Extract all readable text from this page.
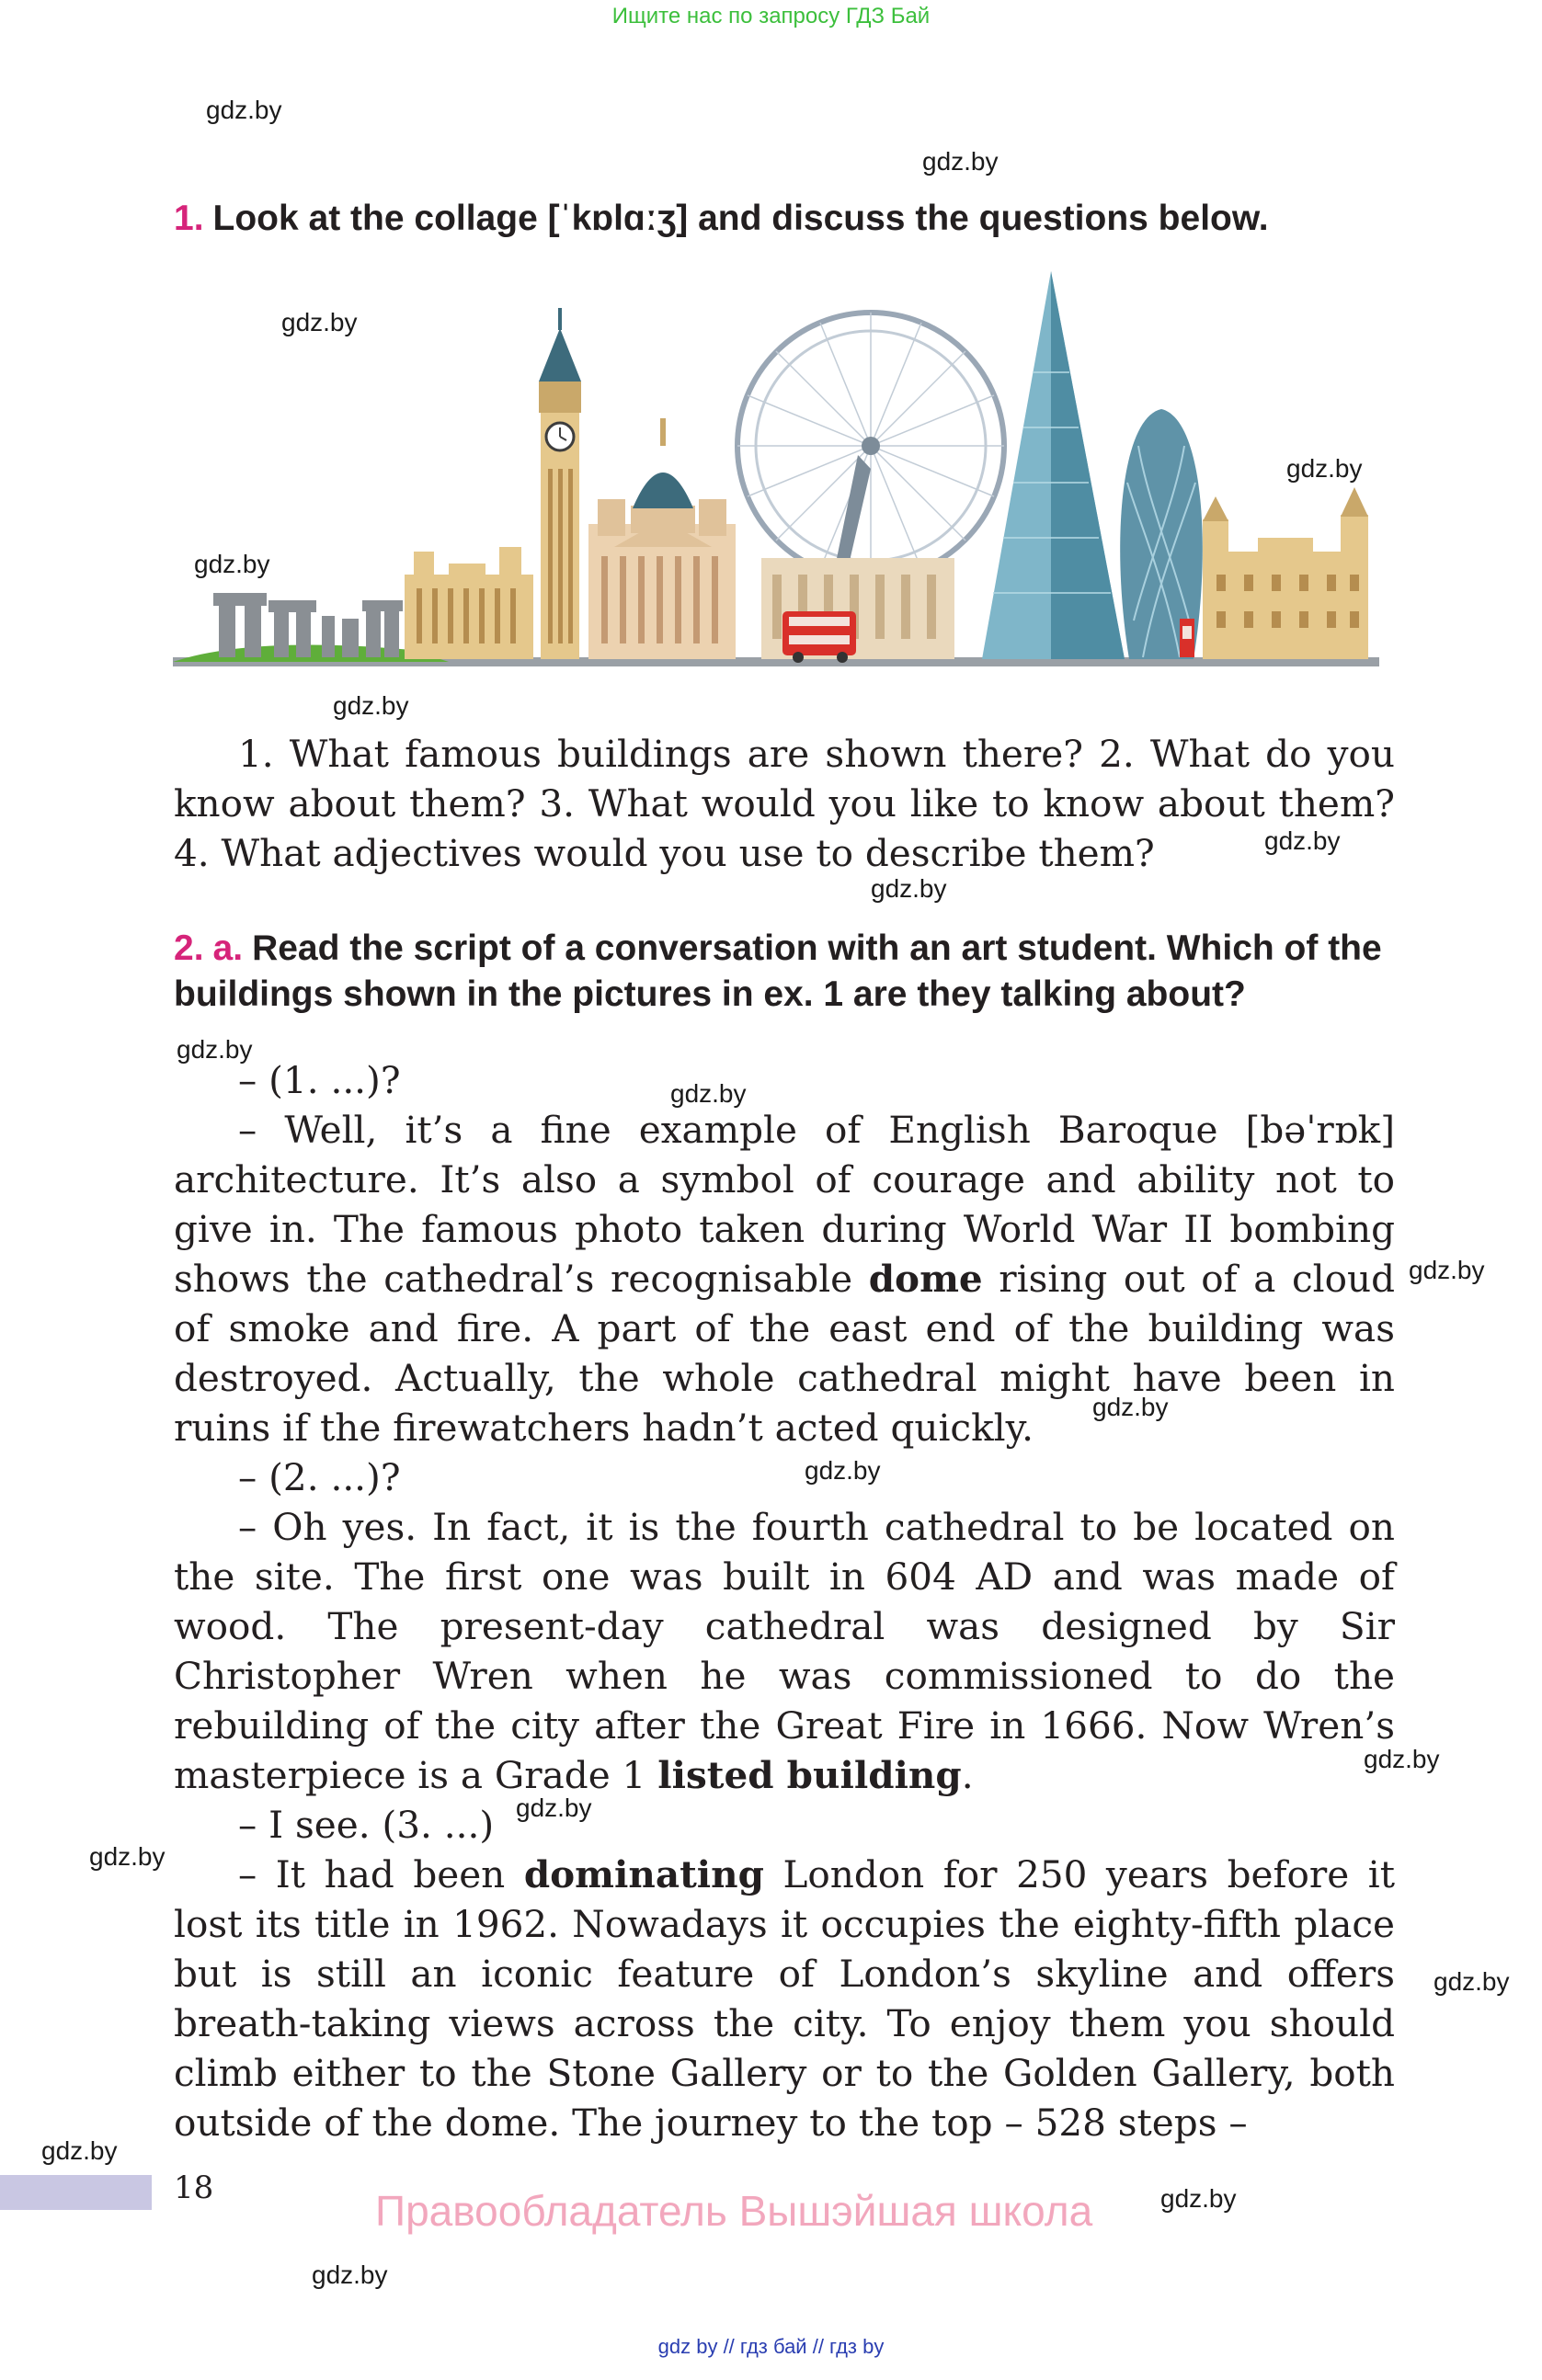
Ищите нас по запросу ГДЗ Бай
gdz.by
gdz.by
gdz.by
gdz.by
gdz.by
gdz.by
gdz.by
gdz.by
gdz.by
gdz.by
gdz.by
gdz.by
gdz.by
gdz.by
gdz.by
gdz.by
gdz.by
gdz.by
gdz.by
gdz.by
1. Look at the collage [ˈkɒlɑːʒ] and discuss the questions below.

1. What famous buildings are shown there? 2. What do you know about them? 3. What would you like to know about them? 4. What adjectives would you use to describe them?

2. a. Read the script of a conversation with an art student. Which of the buildings shown in the pictures in ex. 1 are they talking about?

– (1. ...)?

– Well, it’s a fine example of English Baroque [bəˈrɒk] architecture. It’s also a symbol of courage and ability not to give in. The famous photo taken during World War II bombing shows the cathedral’s recognisable dome rising out of a cloud of smoke and fire. A part of the east end of the building was destroyed. Actually, the whole cathedral might have been in ruins if the firewatchers hadn’t acted quickly.

– (2. ...)?

– Oh yes. In fact, it is the fourth cathedral to be located on the site. The first one was built in 604 AD and was made of wood. The present-day cathedral was designed by Sir Christopher Wren when he was commissioned to do the rebuilding of the city after the Great Fire in 1666. Now Wren’s masterpiece is a Grade 1 listed building.

– I see. (3. ...)

– It had been dominating London for 250 years before it lost its title in 1962. Nowadays it occupies the eighty-fifth place but is still an iconic feature of London’s skyline and offers breath-taking views across the city. To enjoy them you should climb either to the Stone Gallery or to the Golden Gallery, both outside of the dome. The journey to the top – 528 steps –

18	Правообладатель Вышэйшая школа
gdz by // гдз бай // гдз by
